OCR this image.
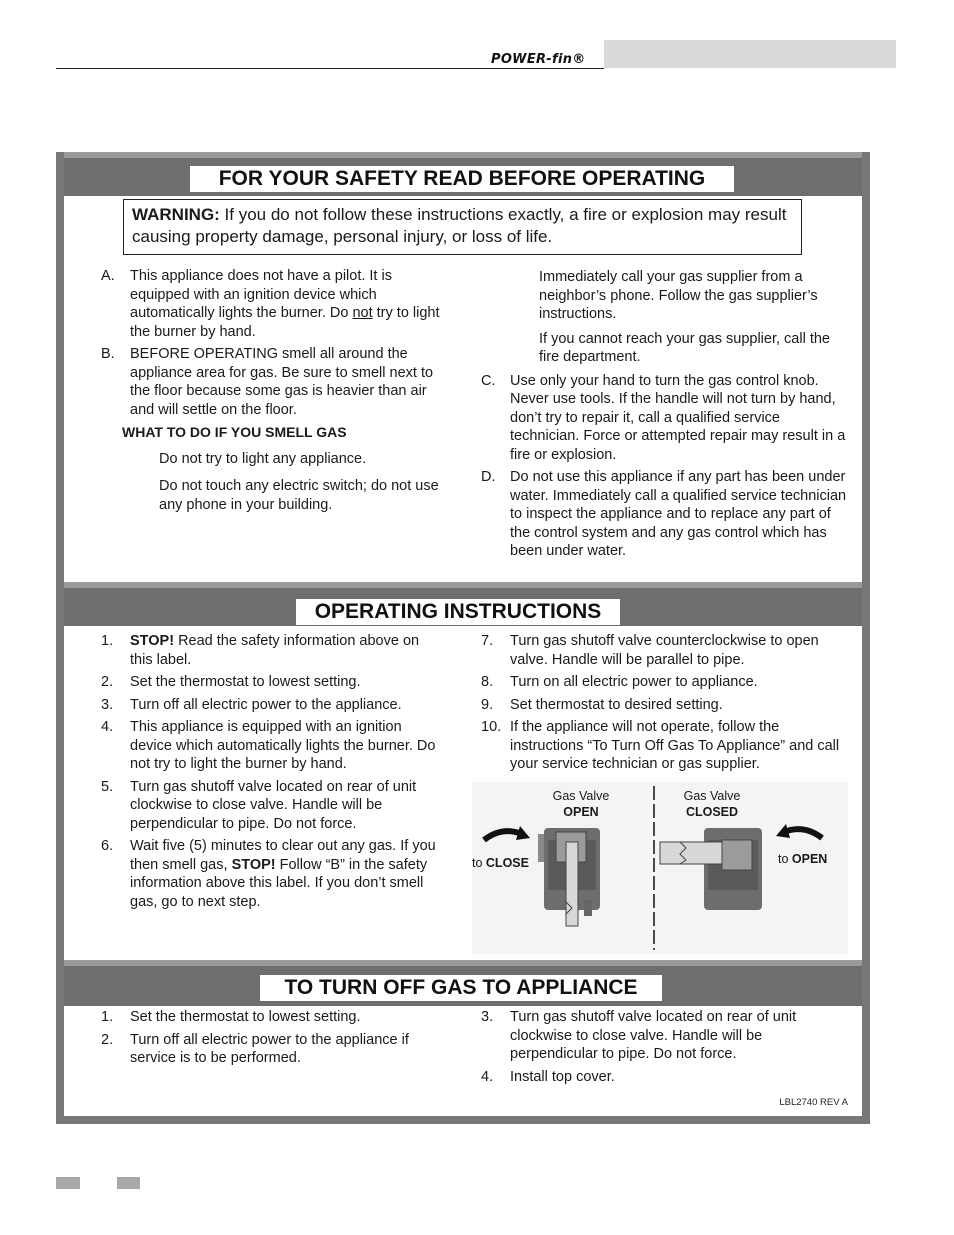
POWER-fin®
FOR YOUR SAFETY READ BEFORE OPERATING
WARNING: If you do not follow these instructions exactly, a fire or explosion may result causing property damage, personal injury, or loss of life.
A. This appliance does not have a pilot. It is equipped with an ignition device which automatically lights the burner. Do not try to light the burner by hand.
B. BEFORE OPERATING smell all around the appliance area for gas. Be sure to smell next to the floor because some gas is heavier than air and will settle on the floor.
WHAT TO DO IF YOU SMELL GAS
Do not try to light any appliance.
Do not touch any electric switch; do not use any phone in your building.
Immediately call your gas supplier from a neighbor’s phone. Follow the gas supplier’s instructions.
If you cannot reach your gas supplier, call the fire department.
C. Use only your hand to turn the gas control knob. Never use tools. If the handle will not turn by hand, don’t try to repair it, call a qualified service technician. Force or attempted repair may result in a fire or explosion.
D. Do not use this appliance if any part has been under water. Immediately call a qualified service technician to inspect the appliance and to replace any part of the control system and any gas control which has been under water.
OPERATING INSTRUCTIONS
1. STOP! Read the safety information above on this label.
2. Set the thermostat to lowest setting.
3. Turn off all electric power to the appliance.
4. This appliance is equipped with an ignition device which automatically lights the burner. Do not try to light the burner by hand.
5. Turn gas shutoff valve located on rear of unit clockwise to close valve. Handle will be perpendicular to pipe. Do not force.
6. Wait five (5) minutes to clear out any gas. If you then smell gas, STOP! Follow “B” in the safety information above this label. If you don’t smell gas, go to next step.
7. Turn gas shutoff valve counterclockwise to open valve. Handle will be parallel to pipe.
8. Turn on all electric power to appliance.
9. Set thermostat to desired setting.
10. If the appliance will not operate, follow the instructions “To Turn Off Gas To Appliance” and call your service technician or gas supplier.
Gas Valve
OPEN
Gas Valve
CLOSED
to CLOSE	to OPEN
TO TURN OFF GAS TO APPLIANCE
1. Set the thermostat to lowest setting.
2. Turn off all electric power to the appliance if service is to be performed.
3. Turn gas shutoff valve located on rear of unit clockwise to close valve. Handle will be perpendicular to pipe. Do not force.
4. Install top cover.
LBL2740 REV A
